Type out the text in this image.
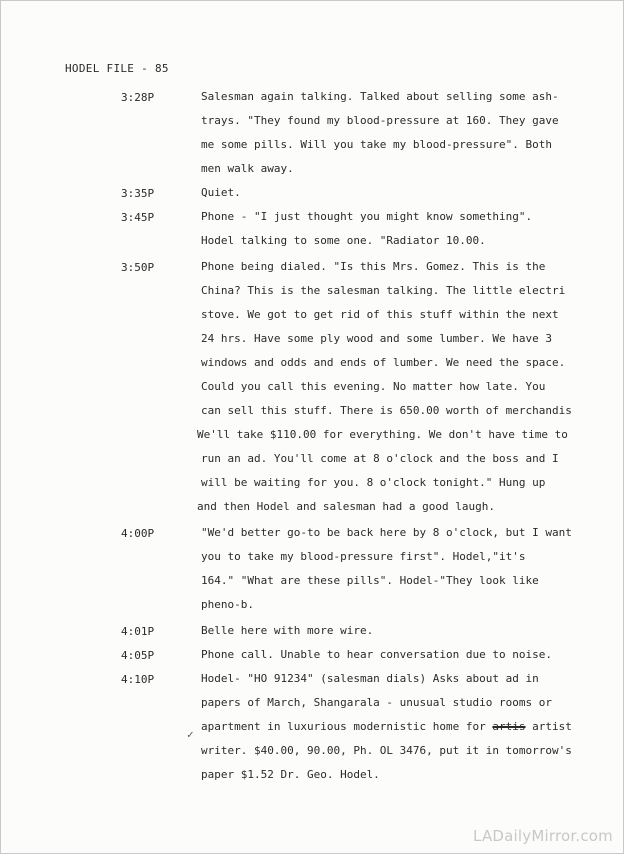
HODEL FILE - 85
3:28P	Salesman again talking. Talked about selling some ash-
trays. "They found my blood-pressure at 160. They gave
me some pills. Will you take my blood-pressure". Both
men walk away.
3:35P	Quiet.
3:45P	Phone - "I just thought you might know something".
Hodel talking to some one. "Radiator 10.00.
3:50P	Phone being dialed. "Is this Mrs. Gomez. This is the
China? This is the salesman talking. The little electri
stove. We got to get rid of this stuff within the next
24 hrs. Have some ply wood and some lumber. We have 3
windows and odds and ends of lumber. We need the space.
Could you call this evening. No matter how late. You
can sell this stuff. There is 650.00 worth of merchandis
We'll take $110.00 for everything. We don't have time to
run an ad. You'll come at 8 o'clock and the boss and I
will be waiting for you. 8 o'clock tonight." Hung up
and then Hodel and salesman had a good laugh.
4:00P	"We'd better go-to be back here by 8 o'clock, but I want
you to take my blood-pressure first". Hodel,"it's
164." "What are these pills". Hodel-"They look like
pheno-b.
4:01P	Belle here with more wire.
4:05P	Phone call. Unable to hear conversation due to noise.
4:10P	Hodel- "HO 91234" (salesman dials) Asks about ad in
papers of March, Shangarala - unusual studio rooms or
apartment in luxurious modernistic home for artis artist
writer. $40.00, 90.00, Ph. OL 3476, put it in tomorrow's
paper $1.52 Dr. Geo. Hodel.
✓
LADailyMirror.com
